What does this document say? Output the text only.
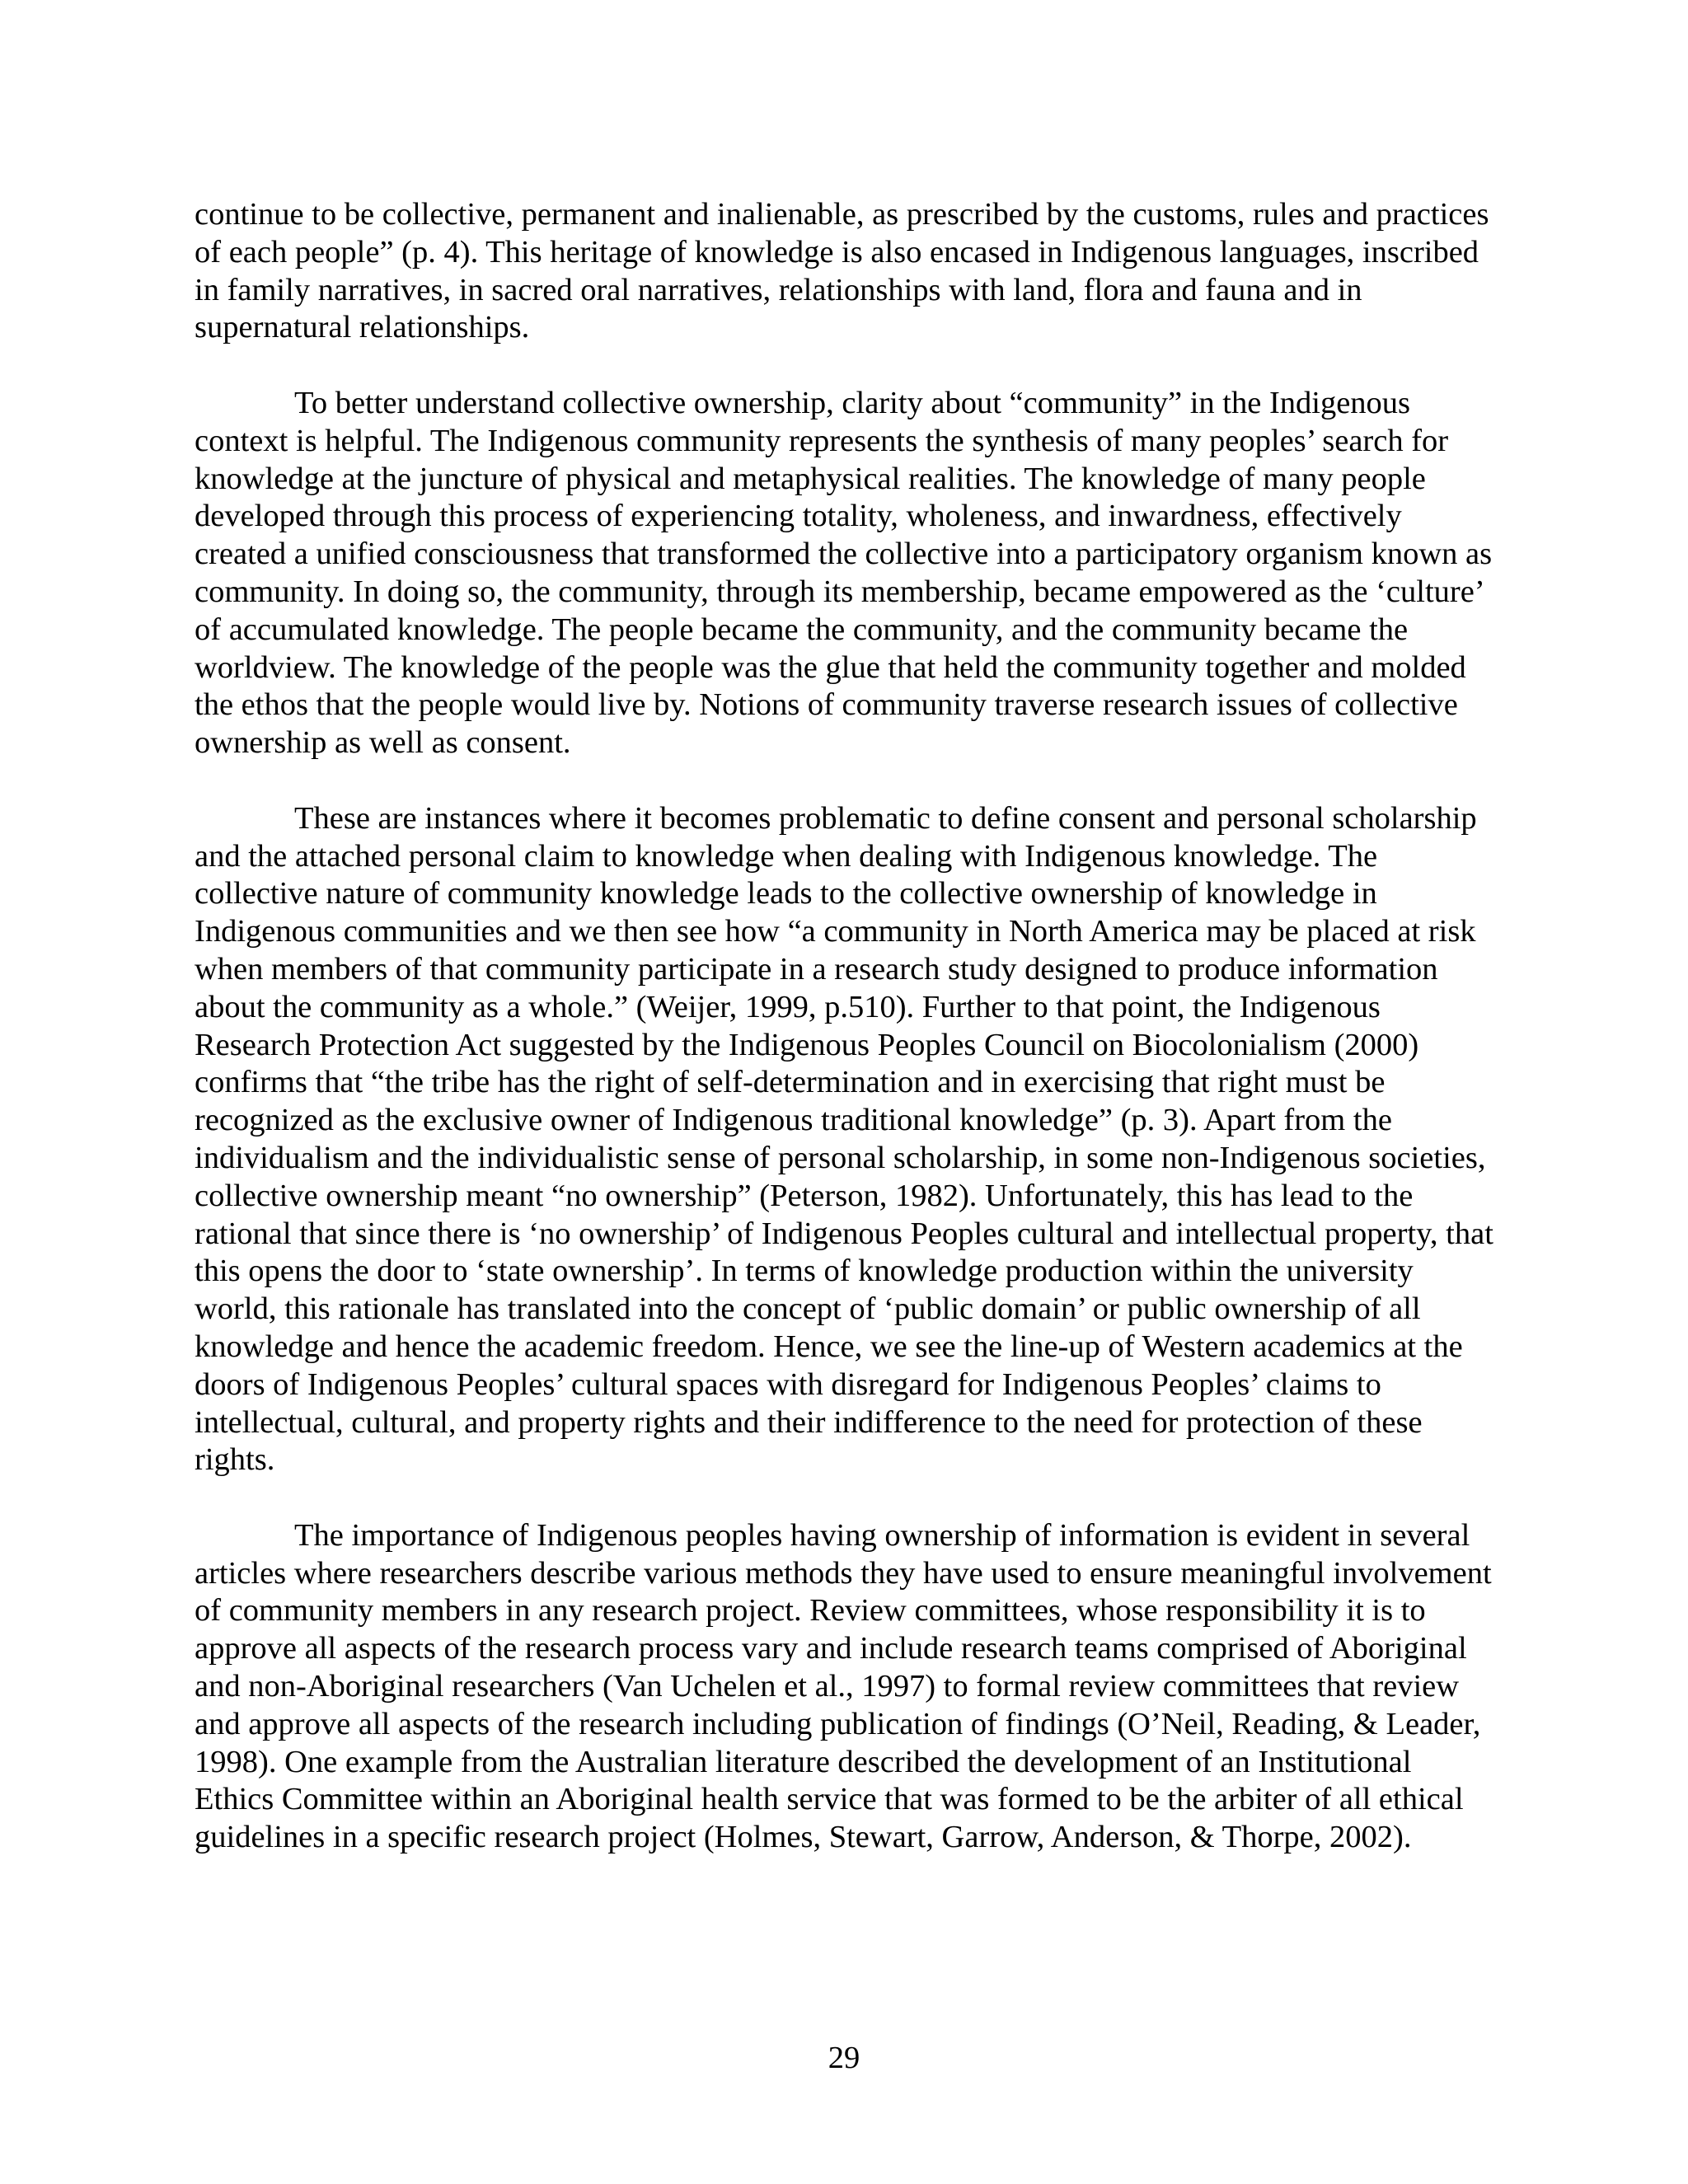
continue to be collective, permanent and inalienable, as prescribed by the customs, rules and practices of each people” (p. 4). This heritage of knowledge is also encased in Indigenous languages, inscribed in family narratives, in sacred oral narratives, relationships with land, flora and fauna and in supernatural relationships.

To better understand collective ownership, clarity about “community” in the Indigenous context is helpful. The Indigenous community represents the synthesis of many peoples’ search for knowledge at the juncture of physical and metaphysical realities. The knowledge of many people developed through this process of experiencing totality, wholeness, and inwardness, effectively created a unified consciousness that transformed the collective into a participatory organism known as community. In doing so, the community, through its membership, became empowered as the ‘culture’ of accumulated knowledge. The people became the community, and the community became the worldview. The knowledge of the people was the glue that held the community together and molded the ethos that the people would live by. Notions of community traverse research issues of collective ownership as well as consent.

These are instances where it becomes problematic to define consent and personal scholarship and the attached personal claim to knowledge when dealing with Indigenous knowledge. The collective nature of community knowledge leads to the collective ownership of knowledge in Indigenous communities and we then see how “a community in North America may be placed at risk when members of that community participate in a research study designed to produce information about the community as a whole.” (Weijer, 1999, p.510). Further to that point, the Indigenous Research Protection Act suggested by the Indigenous Peoples Council on Biocolonialism (2000) confirms that “the tribe has the right of self-determination and in exercising that right must be recognized as the exclusive owner of Indigenous traditional knowledge” (p. 3). Apart from the individualism and the individualistic sense of personal scholarship, in some non-Indigenous societies, collective ownership meant “no ownership” (Peterson, 1982). Unfortunately, this has lead to the rational that since there is ‘no ownership’ of Indigenous Peoples cultural and intellectual property, that this opens the door to ‘state ownership’. In terms of knowledge production within the university world, this rationale has translated into the concept of ‘public domain’ or public ownership of all knowledge and hence the academic freedom. Hence, we see the line-up of Western academics at the doors of Indigenous Peoples’ cultural spaces with disregard for Indigenous Peoples’ claims to intellectual, cultural, and property rights and their indifference to the need for protection of these rights.

The importance of Indigenous peoples having ownership of information is evident in several articles where researchers describe various methods they have used to ensure meaningful involvement of community members in any research project. Review committees, whose responsibility it is to approve all aspects of the research process vary and include research teams comprised of Aboriginal and non-Aboriginal researchers (Van Uchelen et al., 1997) to formal review committees that review and approve all aspects of the research including publication of findings (O’Neil, Reading, & Leader, 1998). One example from the Australian literature described the development of an Institutional Ethics Committee within an Aboriginal health service that was formed to be the arbiter of all ethical guidelines in a specific research project (Holmes, Stewart, Garrow, Anderson, & Thorpe, 2002).

29
